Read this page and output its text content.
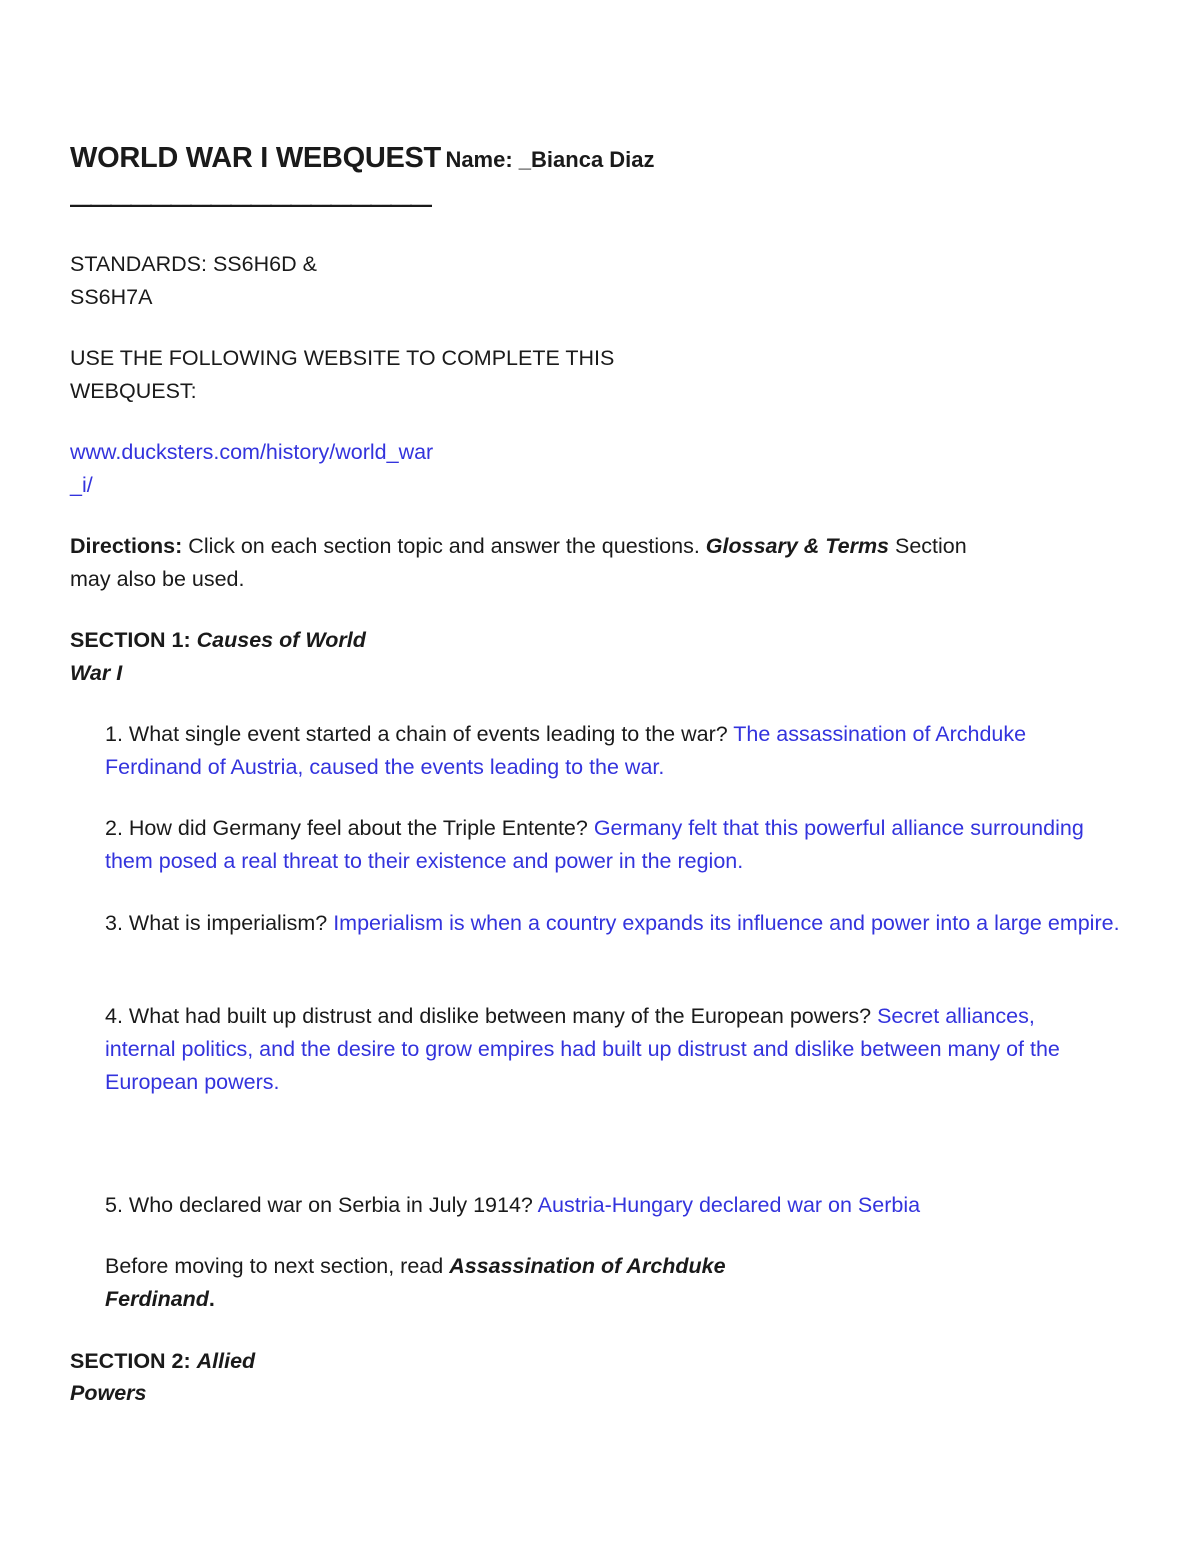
WORLD WAR I WEBQUEST Name: _Bianca Diaz
——————————————————
STANDARDS: SS6H6D &
SS6H7A
USE THE FOLLOWING WEBSITE TO COMPLETE THIS
WEBQUEST:
www.ducksters.com/history/world_war
_i/
Directions: Click on each section topic and answer the questions. Glossary & Terms Section
may also be used.
SECTION 1: Causes of World
War I
1. What single event started a chain of events leading to the war? The assassination of Archduke Ferdinand of Austria, caused the events leading to the war.
2. How did Germany feel about the Triple Entente? Germany felt that this powerful alliance surrounding them posed a real threat to their existence and power in the region.
3. What is imperialism? Imperialism is when a country expands its influence and power into a large empire.
4. What had built up distrust and dislike between many of the European powers? Secret alliances, internal politics, and the desire to grow empires had built up distrust and dislike between many of the European powers.
5. Who declared war on Serbia in July 1914? Austria-Hungary declared war on Serbia
Before moving to next section, read Assassination of Archduke
Ferdinand.
SECTION 2: Allied
Powers
